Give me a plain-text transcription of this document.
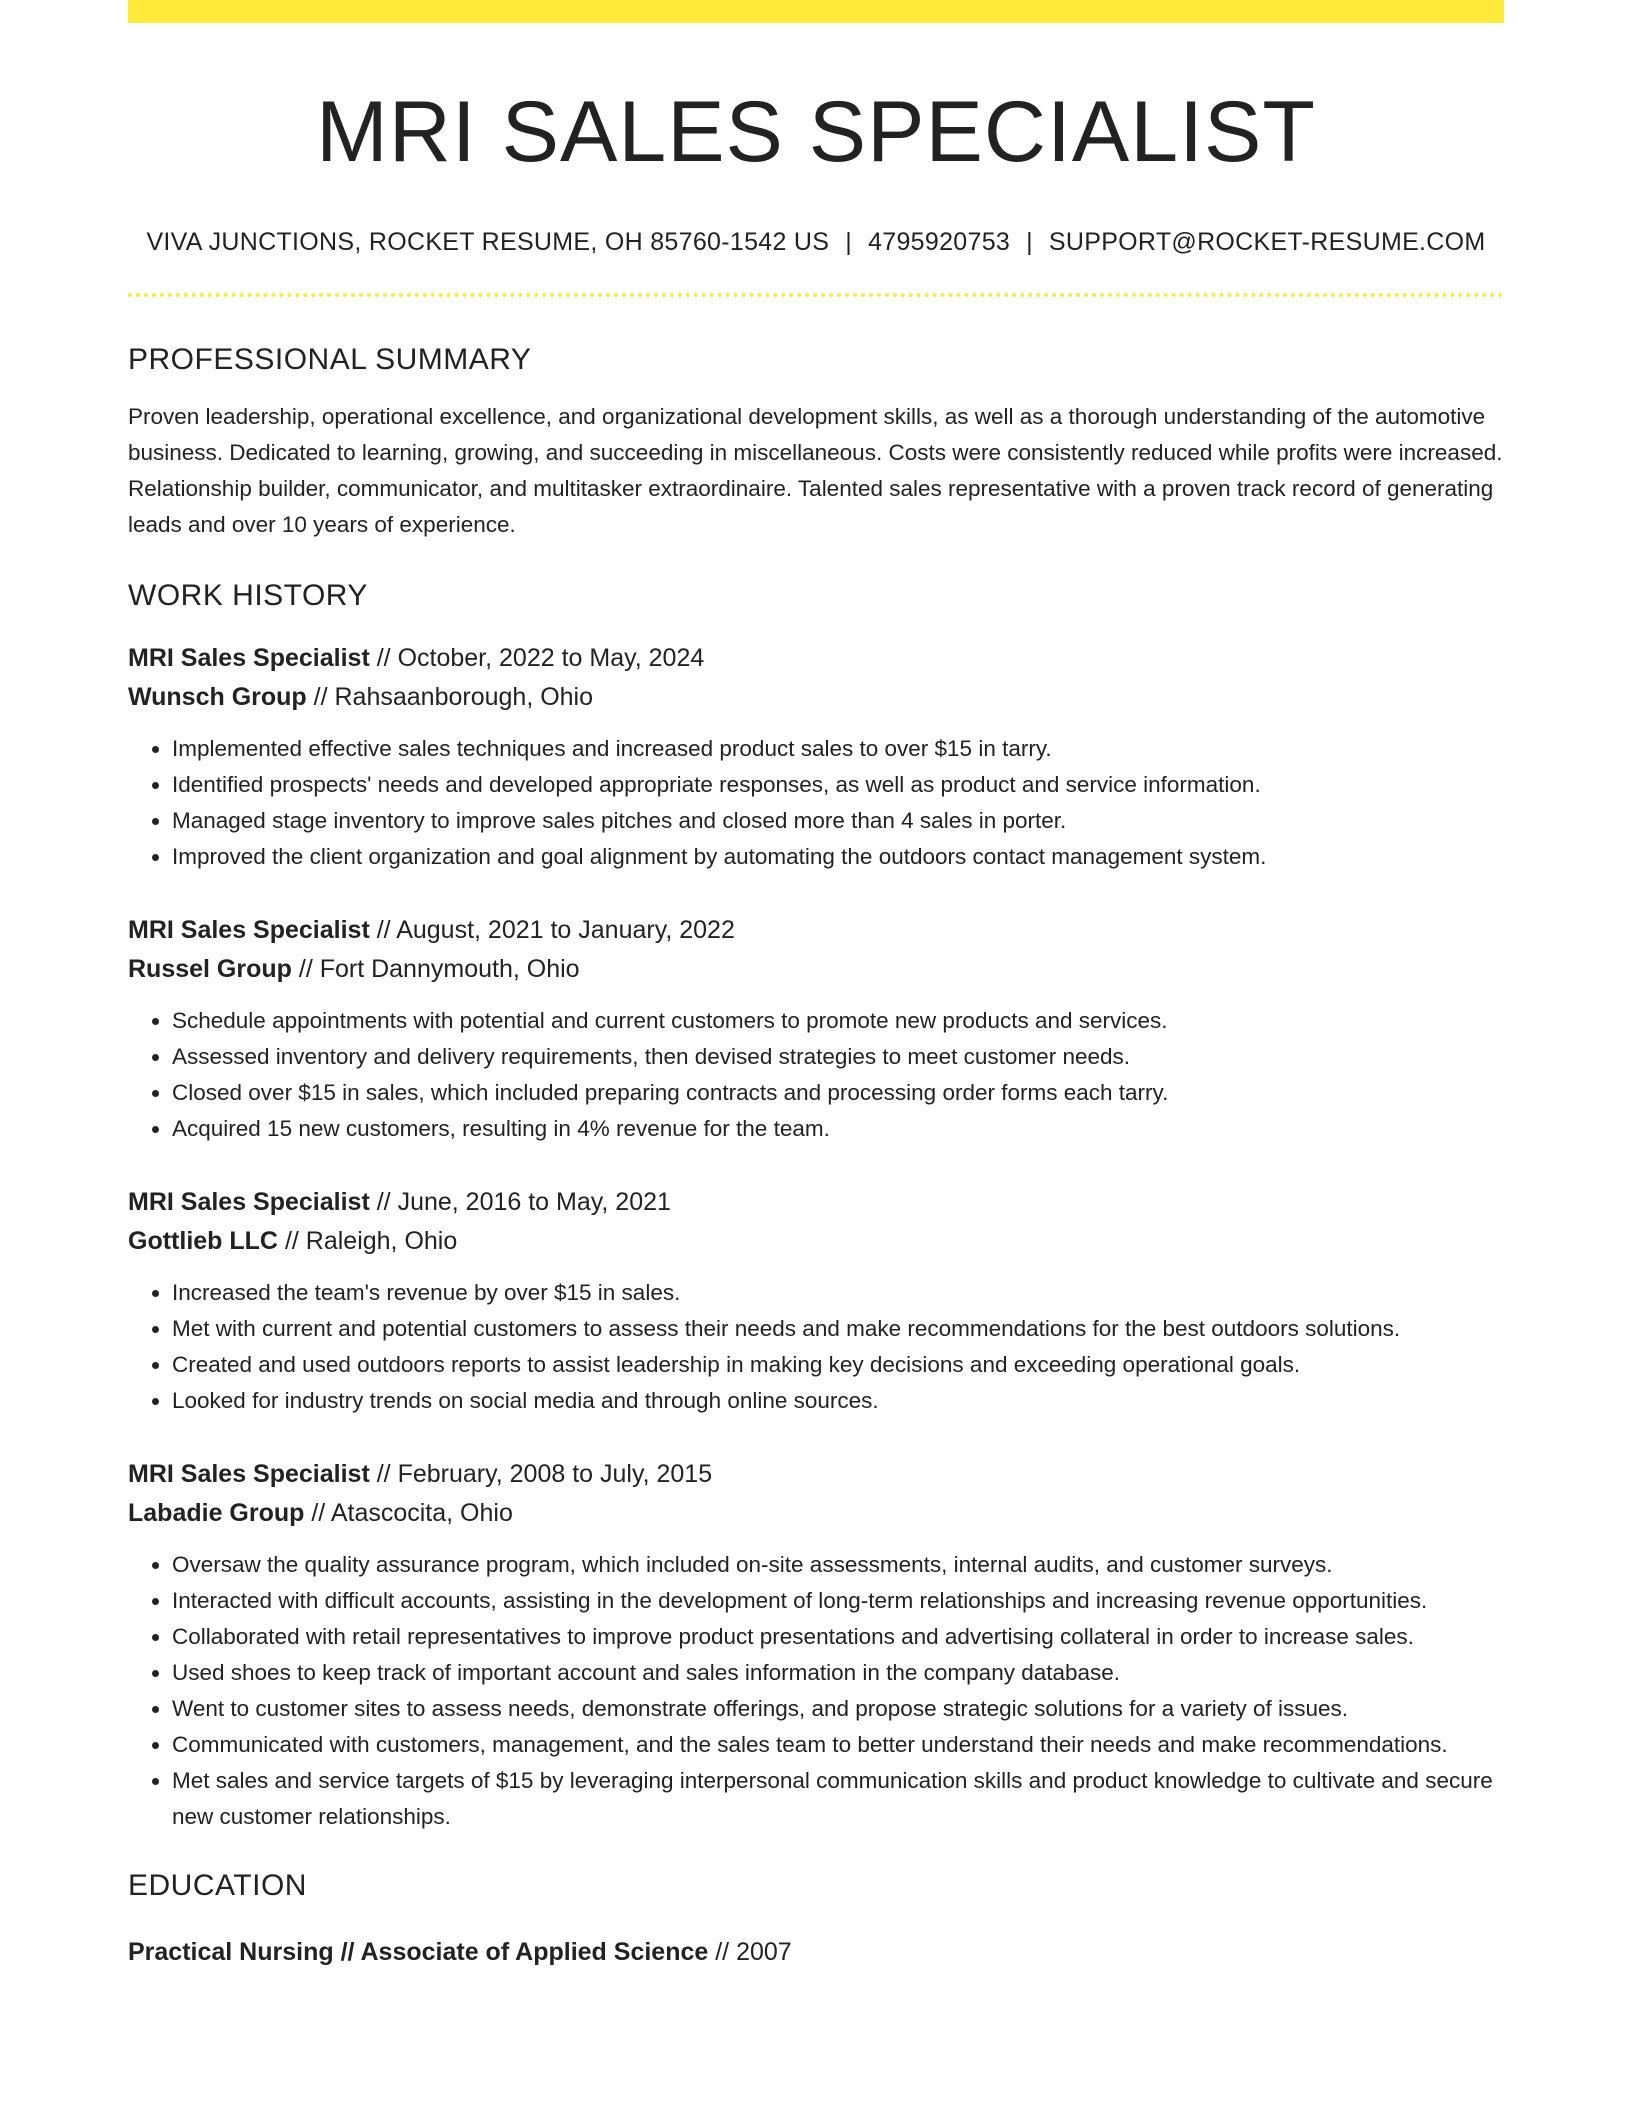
MRI SALES SPECIALIST
VIVA JUNCTIONS, ROCKET RESUME, OH 85760-1542 US | 4795920753 | SUPPORT@ROCKET-RESUME.COM
PROFESSIONAL SUMMARY

Proven leadership, operational excellence, and organizational development skills, as well as a thorough understanding of the automotive business. Dedicated to learning, growing, and succeeding in miscellaneous. Costs were consistently reduced while profits were increased. Relationship builder, communicator, and multitasker extraordinaire. Talented sales representative with a proven track record of generating leads and over 10 years of experience.

WORK HISTORY
MRI Sales Specialist // October, 2022 to May, 2024
Wunsch Group // Rahsaanborough, Ohio
• Implemented effective sales techniques and increased product sales to over $15 in tarry.
• Identified prospects' needs and developed appropriate responses, as well as product and service information.
• Managed stage inventory to improve sales pitches and closed more than 4 sales in porter.
• Improved the client organization and goal alignment by automating the outdoors contact management system.
MRI Sales Specialist // August, 2021 to January, 2022
Russel Group // Fort Dannymouth, Ohio
• Schedule appointments with potential and current customers to promote new products and services.
• Assessed inventory and delivery requirements, then devised strategies to meet customer needs.
• Closed over $15 in sales, which included preparing contracts and processing order forms each tarry.
• Acquired 15 new customers, resulting in 4% revenue for the team.
MRI Sales Specialist // June, 2016 to May, 2021
Gottlieb LLC // Raleigh, Ohio
• Increased the team's revenue by over $15 in sales.
• Met with current and potential customers to assess their needs and make recommendations for the best outdoors solutions.
• Created and used outdoors reports to assist leadership in making key decisions and exceeding operational goals.
• Looked for industry trends on social media and through online sources.
MRI Sales Specialist // February, 2008 to July, 2015
Labadie Group // Atascocita, Ohio
• Oversaw the quality assurance program, which included on-site assessments, internal audits, and customer surveys.
• Interacted with difficult accounts, assisting in the development of long-term relationships and increasing revenue opportunities.
• Collaborated with retail representatives to improve product presentations and advertising collateral in order to increase sales.
• Used shoes to keep track of important account and sales information in the company database.
• Went to customer sites to assess needs, demonstrate offerings, and propose strategic solutions for a variety of issues.
• Communicated with customers, management, and the sales team to better understand their needs and make recommendations.
• Met sales and service targets of $15 by leveraging interpersonal communication skills and product knowledge to cultivate and secure new customer relationships.
EDUCATION
Practical Nursing // Associate of Applied Science // 2007
